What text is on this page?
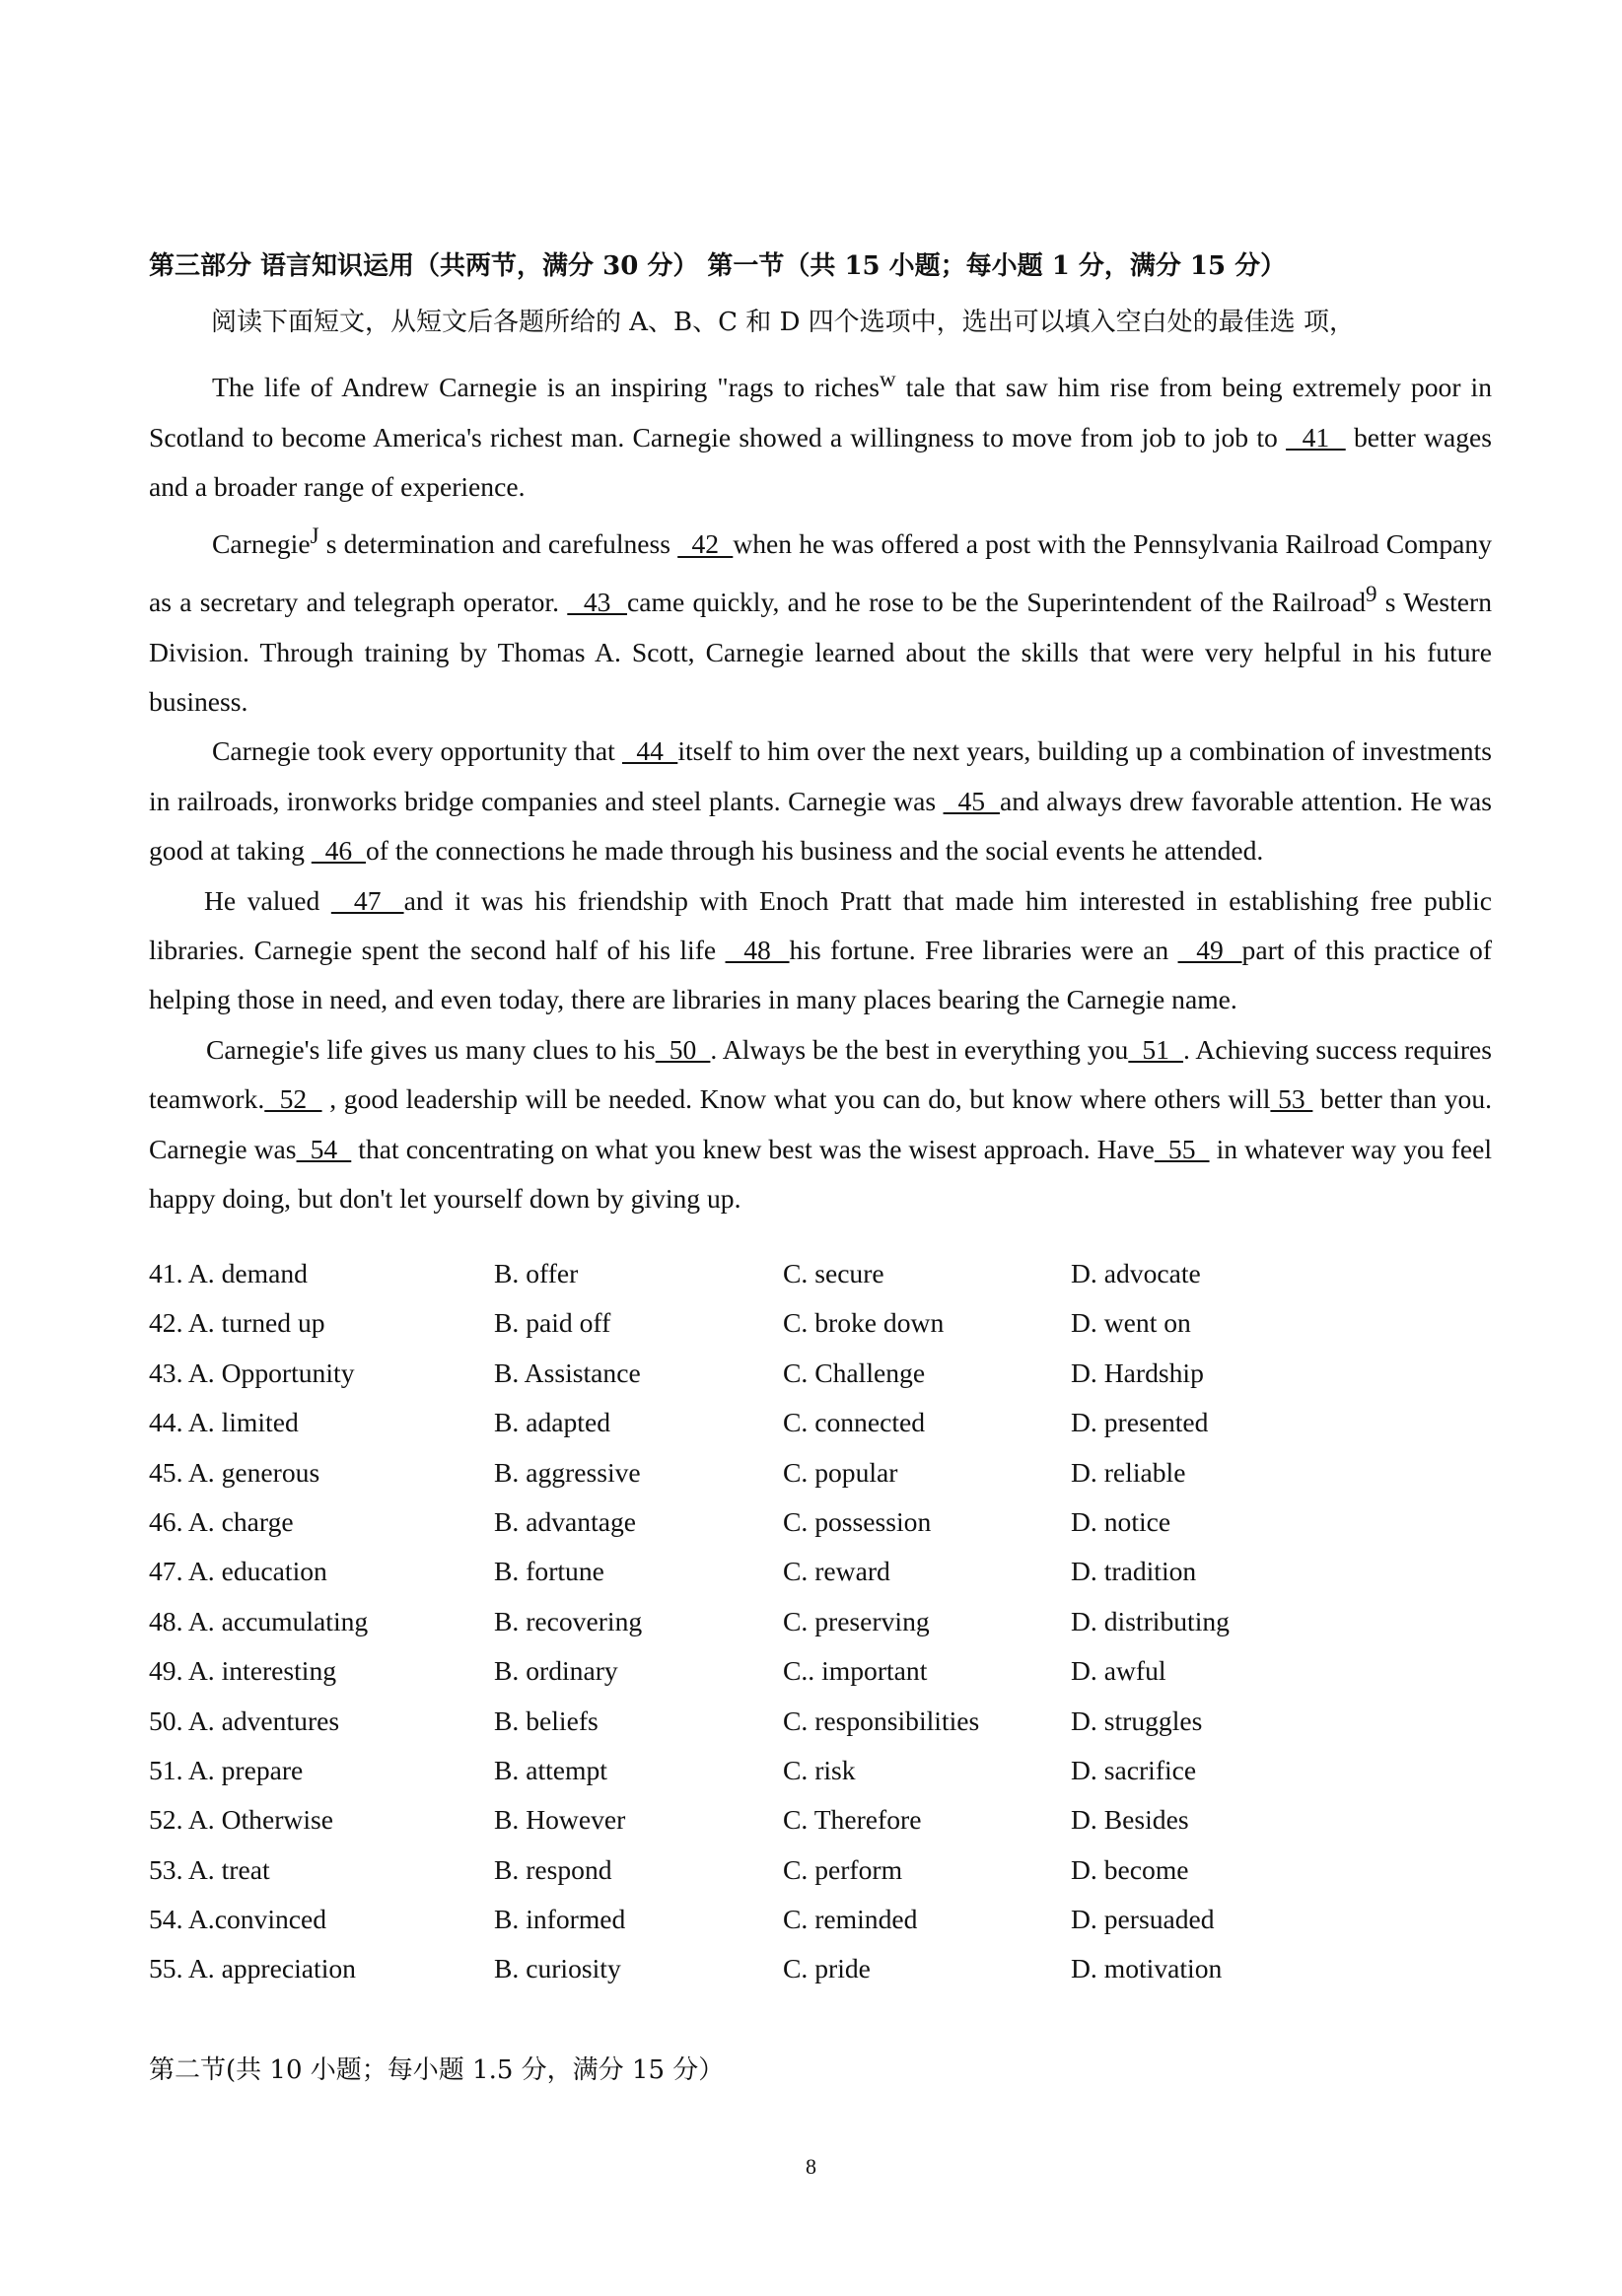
第三部分 语言知识运用（共两节，满分 30 分） 第一节（共 15 小题；每小题 1 分，满分 15 分）
阅读下面短文，从短文后各题所给的 A、B、C 和 D 四个选项中，选出可以填入空白处的最佳选 项，

The life of Andrew Carnegie is an inspiring "rags to riches$^w$ tale that saw him rise from being extremely poor in Scotland to become America's richest man. Carnegie showed a willingness to move from job to job to   41   better wages and a broader range of experience.

Carnegie$^J$ s determination and carefulness   42  when he was offered a post with the Pennsylvania Railroad Company as a secretary and telegraph operator.   43  came quickly, and he rose to be the Superintendent of the Railroad$^9$ s Western Division. Through training by Thomas A. Scott, Carnegie learned about the skills that were very helpful in his future business.

Carnegie took every opportunity that   44  itself to him over the next years, building up a combination of investments in railroads, ironworks bridge companies and steel plants. Carnegie was   45  and always drew favorable attention. He was good at taking   46  of the connections he made through his business and the social events he attended.

He valued   47  and it was his friendship with Enoch Pratt that made him interested in establishing free public libraries. Carnegie spent the second half of his life   48  his fortune. Free libraries were an   49  part of this practice of helping those in need, and even today, there are libraries in many places bearing the Carnegie name.

Carnegie's life gives us many clues to his  50  . Always be the best in everything you  51  . Achieving success requires teamwork.  52   , good leadership will be needed. Know what you can do, but know where others will 53  better than you. Carnegie was  54   that concentrating on what you knew best was the wisest approach. Have  55   in whatever way you feel happy doing, but don't let yourself down by giving up.

41. A. demand	B. offer	C. secure	D. advocate
42. A. turned up	B. paid off	C. broke down	D. went on
43. A. Opportunity	B. Assistance	C. Challenge	D. Hardship
44. A. limited	B. adapted	C. connected	D. presented
45. A. generous	B. aggressive	C. popular	D. reliable
46. A. charge	B. advantage	C. possession	D. notice
47. A. education	B. fortune	C. reward	D. tradition
48. A. accumulating	B. recovering	C. preserving	D. distributing
49. A. interesting	B. ordinary	C.. important	D. awful
50. A. adventures	B. beliefs	C. responsibilities	D. struggles
51. A. prepare	B. attempt	C. risk	D. sacrifice
52. A. Otherwise	B. However	C. Therefore	D. Besides
53. A. treat	B. respond	C. perform	D. become
54. A.convinced	B. informed	C. reminded	D. persuaded
55. A. appreciation	B. curiosity	C. pride	D. motivation
第二节(共 10 小题；每小题 1.5 分，满分 15 分）
8
